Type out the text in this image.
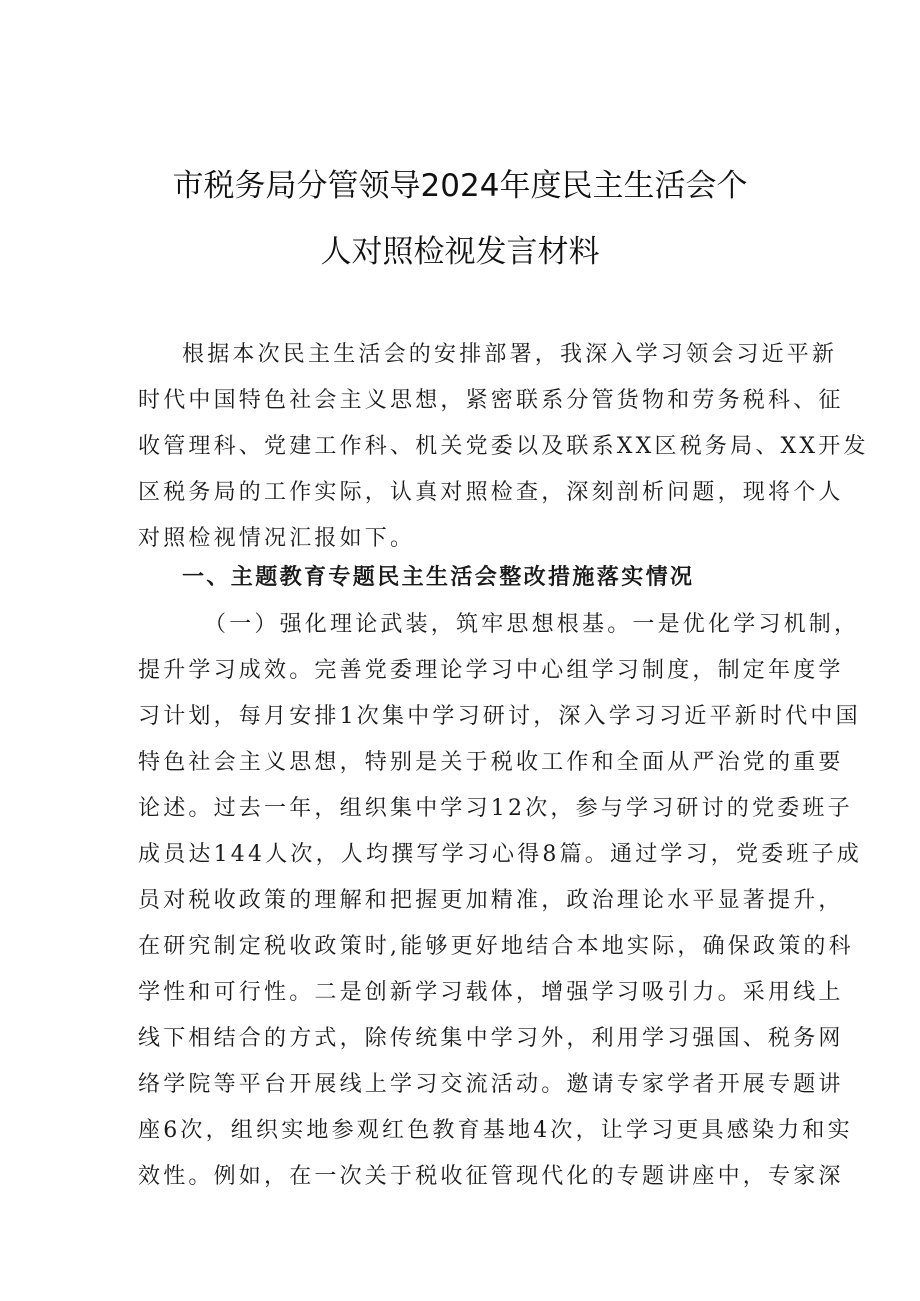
市税务局分管领导2024年度民主生活会个
人对照检视发言材料
根据本次民主生活会的安排部署，我深入学习领会习近平新
时代中国特色社会主义思想，紧密联系分管货物和劳务税科、征
收管理科、党建工作科、机关党委以及联系XX区税务局、XX开发
区税务局的工作实际，认真对照检查，深刻剖析问题，现将个人
对照检视情况汇报如下。
一、主题教育专题民主生活会整改措施落实情况
（一）强化理论武装，筑牢思想根基。一是优化学习机制，
提升学习成效。完善党委理论学习中心组学习制度，制定年度学
习计划，每月安排1次集中学习研讨，深入学习习近平新时代中国
特色社会主义思想，特别是关于税收工作和全面从严治党的重要
论述。过去一年，组织集中学习12次，参与学习研讨的党委班子
成员达144人次，人均撰写学习心得8篇。通过学习，党委班子成
员对税收政策的理解和把握更加精准，政治理论水平显著提升，
在研究制定税收政策时,能够更好地结合本地实际，确保政策的科
学性和可行性。二是创新学习载体，增强学习吸引力。采用线上
线下相结合的方式，除传统集中学习外，利用学习强国、税务网
络学院等平台开展线上学习交流活动。邀请专家学者开展专题讲
座6次，组织实地参观红色教育基地4次，让学习更具感染力和实
效性。例如，在一次关于税收征管现代化的专题讲座中，专家深
